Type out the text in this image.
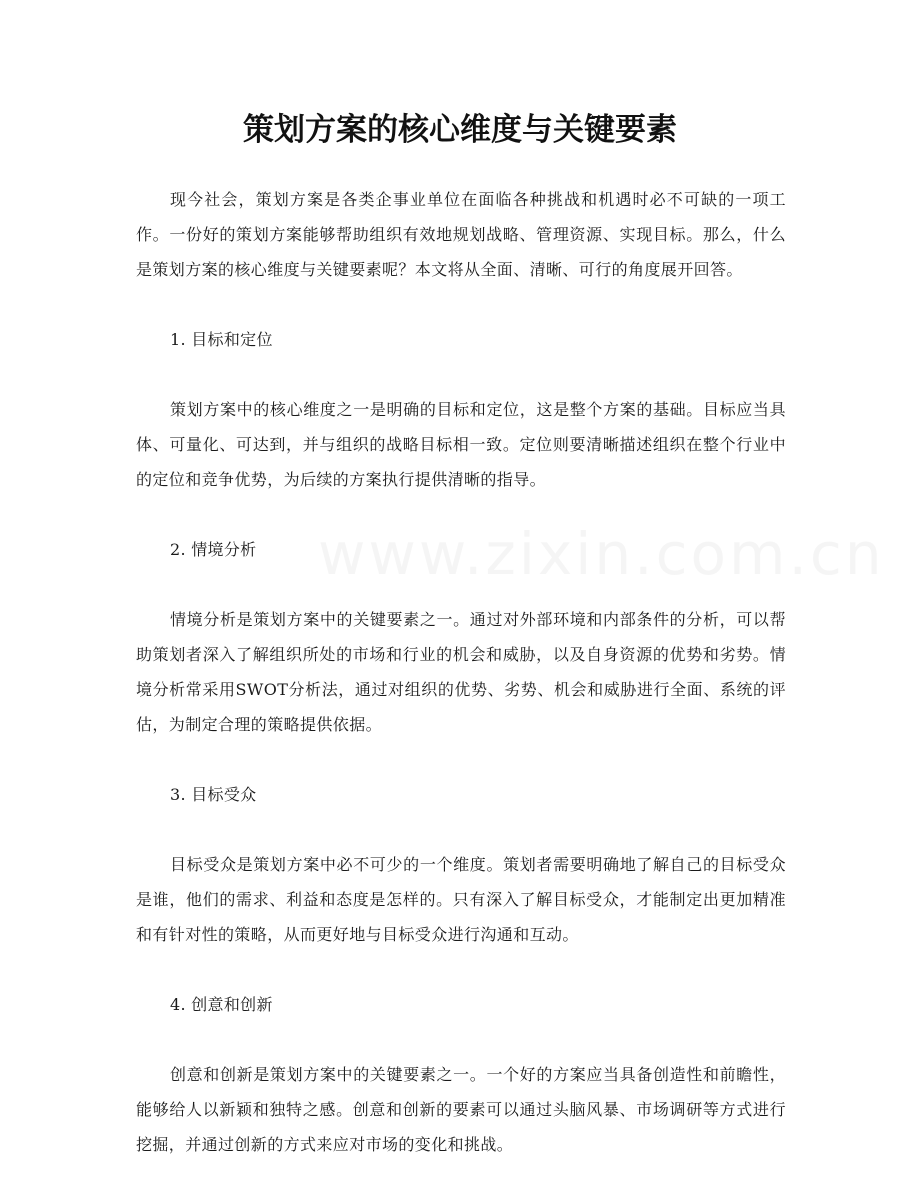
策划方案的核心维度与关键要素

现今社会，策划方案是各类企事业单位在面临各种挑战和机遇时必不可缺的一项工作。一份好的策划方案能够帮助组织有效地规划战略、管理资源、实现目标。那么，什么是策划方案的核心维度与关键要素呢？本文将从全面、清晰、可行的角度展开回答。

1. 目标和定位

策划方案中的核心维度之一是明确的目标和定位，这是整个方案的基础。目标应当具体、可量化、可达到，并与组织的战略目标相一致。定位则要清晰描述组织在整个行业中的定位和竞争优势，为后续的方案执行提供清晰的指导。

2. 情境分析

情境分析是策划方案中的关键要素之一。通过对外部环境和内部条件的分析，可以帮助策划者深入了解组织所处的市场和行业的机会和威胁，以及自身资源的优势和劣势。情境分析常采用SWOT分析法，通过对组织的优势、劣势、机会和威胁进行全面、系统的评估，为制定合理的策略提供依据。

3. 目标受众

目标受众是策划方案中必不可少的一个维度。策划者需要明确地了解自己的目标受众是谁，他们的需求、利益和态度是怎样的。只有深入了解目标受众，才能制定出更加精准和有针对性的策略，从而更好地与目标受众进行沟通和互动。

4. 创意和创新

创意和创新是策划方案中的关键要素之一。一个好的方案应当具备创造性和前瞻性，能够给人以新颖和独特之感。创意和创新的要素可以通过头脑风暴、市场调研等方式进行挖掘，并通过创新的方式来应对市场的变化和挑战。

www.zixin.com.cn
